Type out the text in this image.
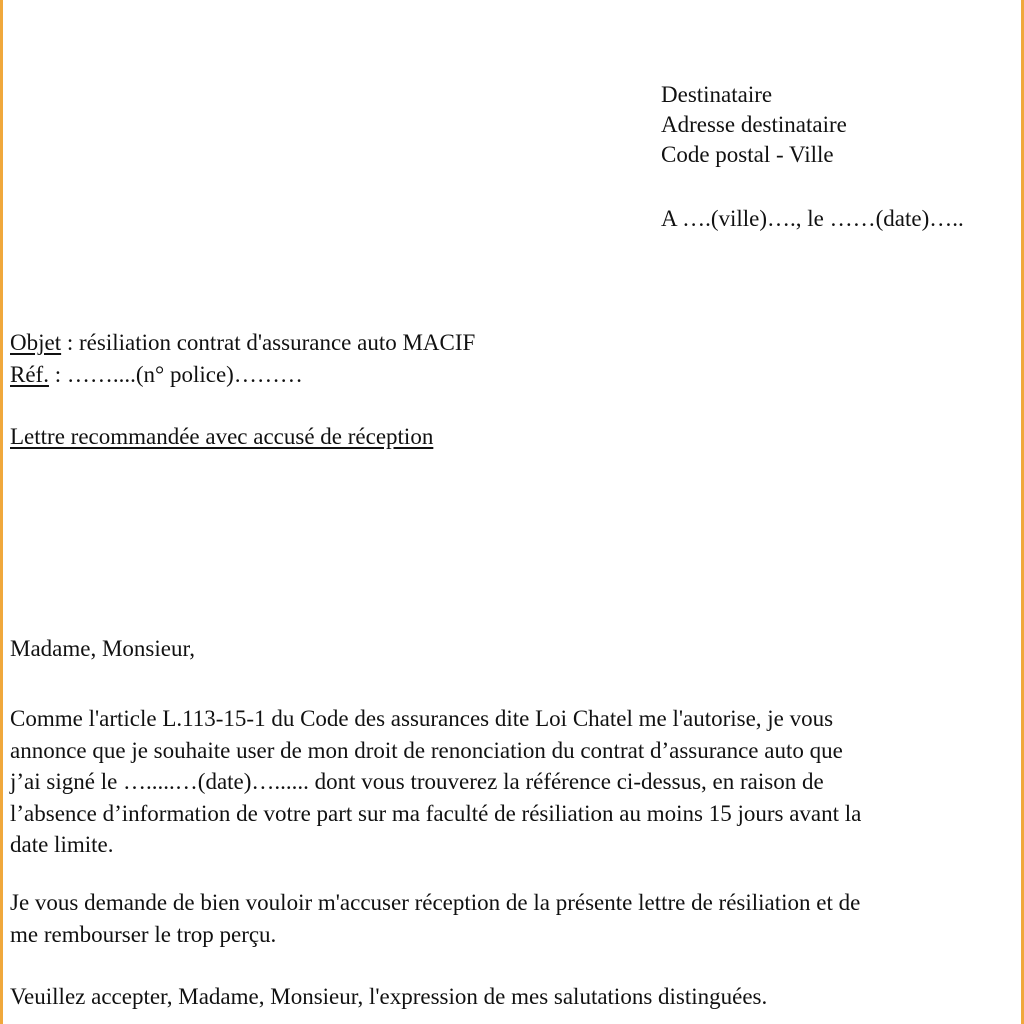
Destinataire
Adresse destinataire
Code postal - Ville
A ….(ville)…., le ……(date)…..
Objet : résiliation contrat d'assurance auto MACIF
Réf. : ……....(n° police)………
Lettre recommandée avec accusé de réception
Madame, Monsieur,
Comme l'article L.113-15-1 du Code des assurances dite Loi Chatel me l'autorise, je vous
annonce que je souhaite user de mon droit de renonciation du contrat d’assurance auto que
j’ai signé le ….....…(date)…...... dont vous trouverez la référence ci-dessus, en raison de
l’absence d’information de votre part sur ma faculté de résiliation au moins 15 jours avant la
date limite.
Je vous demande de bien vouloir m'accuser réception de la présente lettre de résiliation et de
me rembourser le trop perçu.
Veuillez accepter, Madame, Monsieur, l'expression de mes salutations distinguées.
